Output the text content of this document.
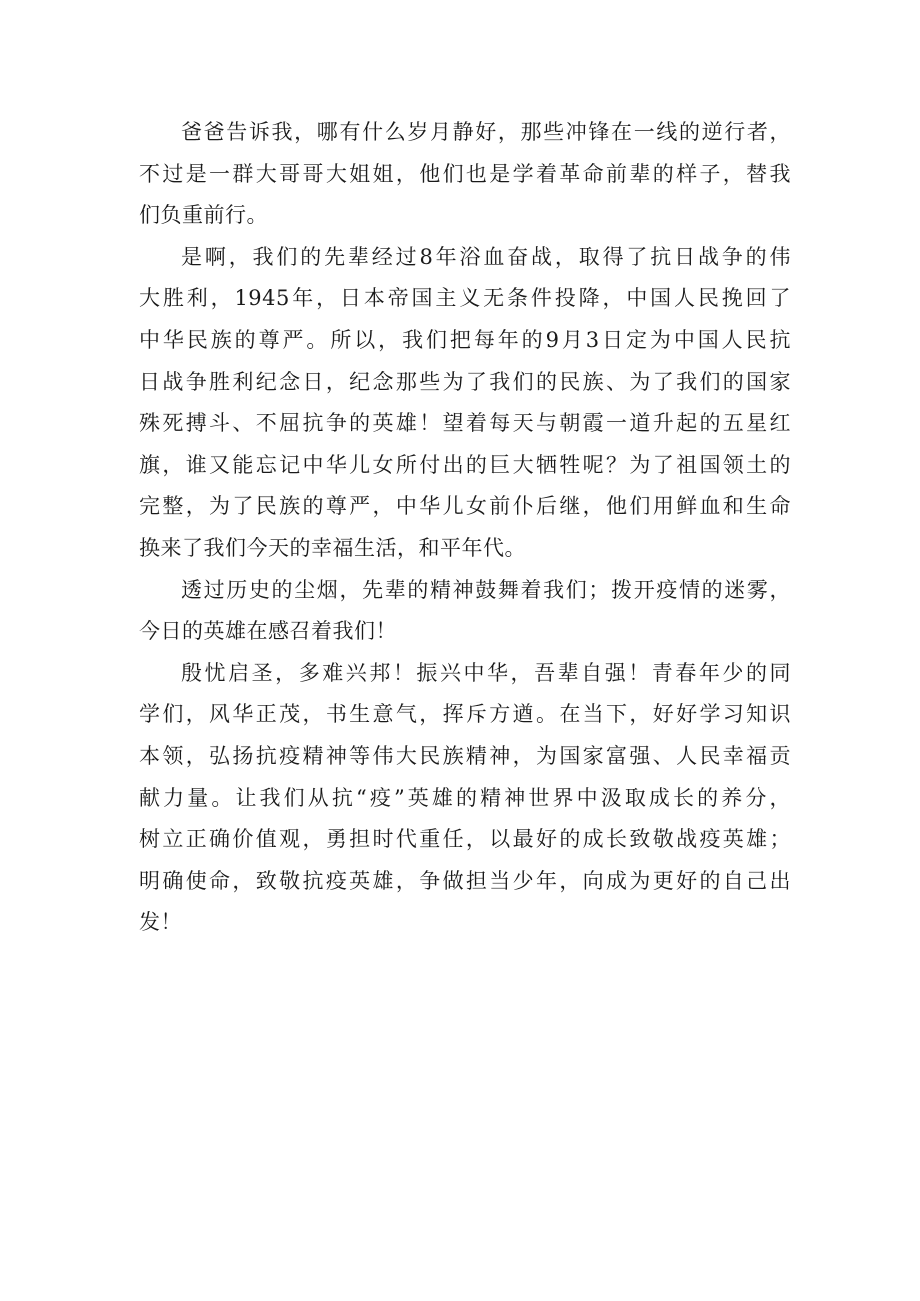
爸爸告诉我，哪有什么岁月静好，那些冲锋在一线的逆行者，
不过是一群大哥哥大姐姐，他们也是学着革命前辈的样子，替我
们负重前行。
是啊，我们的先辈经过8年浴血奋战，取得了抗日战争的伟
大胜利，1945年，日本帝国主义无条件投降，中国人民挽回了
中华民族的尊严。所以，我们把每年的9月3日定为中国人民抗
日战争胜利纪念日，纪念那些为了我们的民族、为了我们的国家
殊死搏斗、不屈抗争的英雄！望着每天与朝霞一道升起的五星红
旗，谁又能忘记中华儿女所付出的巨大牺牲呢？为了祖国领土的
完整，为了民族的尊严，中华儿女前仆后继，他们用鲜血和生命
换来了我们今天的幸福生活，和平年代。
透过历史的尘烟，先辈的精神鼓舞着我们；拨开疫情的迷雾，
今日的英雄在感召着我们！
殷忧启圣，多难兴邦！振兴中华，吾辈自强！青春年少的同
学们，风华正茂，书生意气，挥斥方遒。在当下，好好学习知识
本领，弘扬抗疫精神等伟大民族精神，为国家富强、人民幸福贡
献力量。让我们从抗“疫”英雄的精神世界中汲取成长的养分，
树立正确价值观，勇担时代重任，以最好的成长致敬战疫英雄；
明确使命，致敬抗疫英雄，争做担当少年，向成为更好的自己出
发！
